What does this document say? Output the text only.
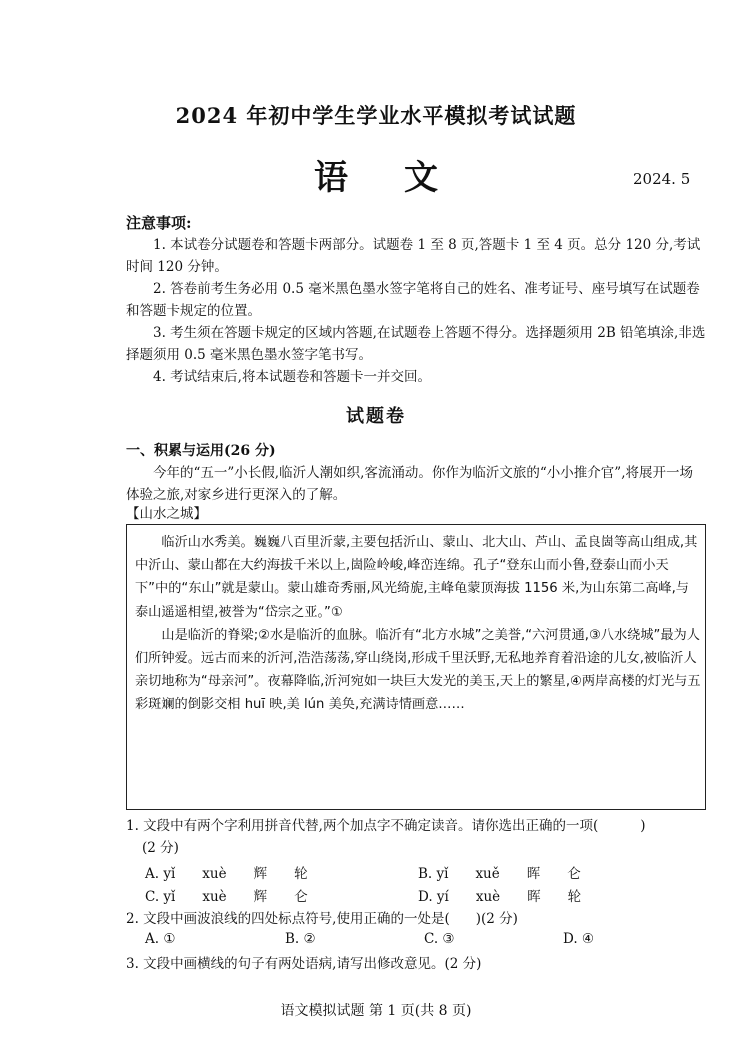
2024 年初中学生学业水平模拟考试试题
语文	2024. 5
注意事项:
1. 本试卷分试题卷和答题卡两部分。试题卷 1 至 8 页,答题卡 1 至 4 页。总分 120 分,考试时间 120 分钟。
2. 答卷前考生务必用 0.5 毫米黑色墨水签字笔将自己的姓名、准考证号、座号填写在试题卷和答题卡规定的位置。
3. 考生须在答题卡规定的区域内答题,在试题卷上答题不得分。选择题须用 2B 铅笔填涂,非选择题须用 0.5 毫米黑色墨水签字笔书写。
4. 考试结束后,将本试题卷和答题卡一并交回。
试题卷
一、积累与运用(26 分)
今年的“五一”小长假,临沂人潮如织,客流涌动。你作为临沂文旅的“小小推介官”,将展开一场体验之旅,对家乡进行更深入的了解。
【山水之城】

临沂山水秀美。巍巍八百里沂蒙,主要包括沂山、蒙山、北大山、芦山、孟良崮等高山组成,其中沂山、蒙山都在大约海拔千米以上,崮险岭峻,峰峦连绵。孔子“登东山而小鲁,登泰山而小天下”中的“东山”就是蒙山。蒙山雄奇秀丽,风光绮旎,主峰龟蒙顶海拔 1156 米,为山东第二高峰,与泰山遥遥相望,被誉为“岱宗之亚。”①

山是临沂的脊梁;②水是临沂的血脉。临沂有“北方水城”之美誉,“六河贯通,③八水绕城”最为人们所钟爱。远古而来的沂河,浩浩荡荡,穿山绕岗,形成千里沃野,无私地养育着沿途的儿女,被临沂人亲切地称为“母亲河”。夜幕降临,沂河宛如一块巨大发光的美玉,天上的繁星,④两岸高楼的灯光与五彩斑斓的倒影交相 huī 映,美 lún 美奂,充满诗情画意……

1. 文段中有两个字利用拼音代替,两个加点字不确定读音。请你选出正确的一项(	)
(2 分)
A. yǐ　　xuè　　辉　　轮	B. yǐ　　xuě　　晖　　仑
C. yǐ　　xuè　　辉　　仑	D. yí　　xuè　　晖　　轮
2. 文段中画波浪线的四处标点符号,使用正确的一处是( )(2 分)
A. ①	B. ②	C. ③	D. ④
3. 文段中画横线的句子有两处语病,请写出修改意见。(2 分)
语文模拟试题 第 1 页(共 8 页)
